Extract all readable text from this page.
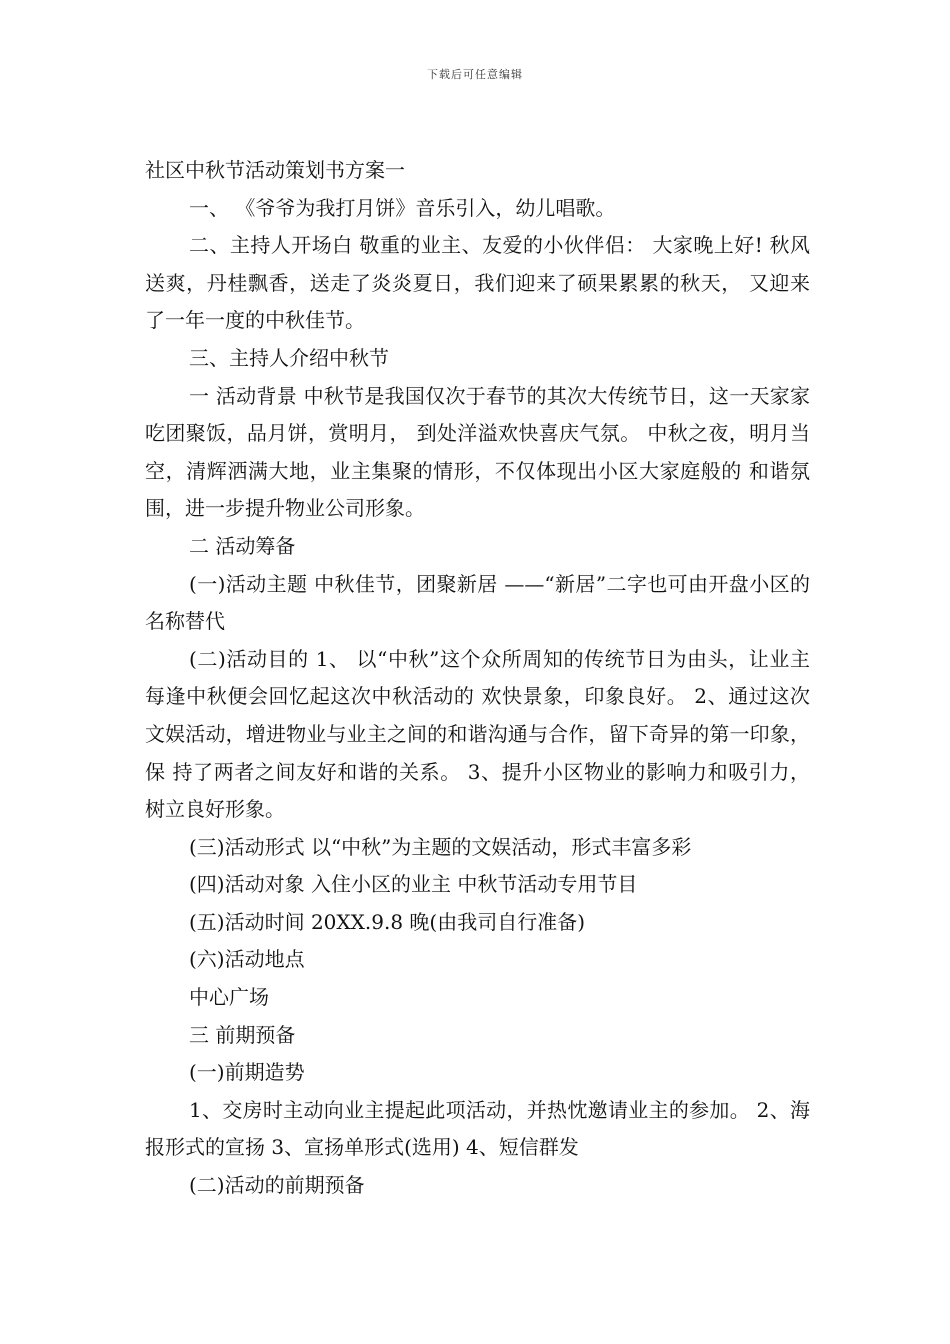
下载后可任意编辑

社区中秋节活动策划书方案一

一、 《爷爷为我打月饼》音乐引入，幼儿唱歌。

二、主持人开场白 敬重的业主、友爱的小伙伴侣： 大家晚上好! 秋风送爽，丹桂飘香，送走了炎炎夏日，我们迎来了硕果累累的秋天， 又迎来了一年一度的中秋佳节。

三、主持人介绍中秋节

一 活动背景 中秋节是我国仅次于春节的其次大传统节日，这一天家家吃团聚饭，品月饼，赏明月， 到处洋溢欢快喜庆气氛。 中秋之夜，明月当空，清辉洒满大地，业主集聚的情形，不仅体现出小区大家庭般的 和谐氛围，进一步提升物业公司形象。

二 活动筹备

(一)活动主题 中秋佳节，团聚新居 ——“新居”二字也可由开盘小区的名称替代

(二)活动目的 1、 以“中秋”这个众所周知的传统节日为由头，让业主每逢中秋便会回忆起这次中秋活动的 欢快景象，印象良好。 2、通过这次文娱活动，增进物业与业主之间的和谐沟通与合作，留下奇异的第一印象，保 持了两者之间友好和谐的关系。 3、提升小区物业的影响力和吸引力，树立良好形象。

(三)活动形式 以“中秋”为主题的文娱活动，形式丰富多彩

(四)活动对象 入住小区的业主 中秋节活动专用节目

(五)活动时间 20XX.9.8 晚(由我司自行准备)

(六)活动地点

中心广场

三 前期预备

(一)前期造势

1、交房时主动向业主提起此项活动，并热忱邀请业主的参加。 2、海报形式的宣扬 3、宣扬单形式(选用) 4、短信群发

(二)活动的前期预备
